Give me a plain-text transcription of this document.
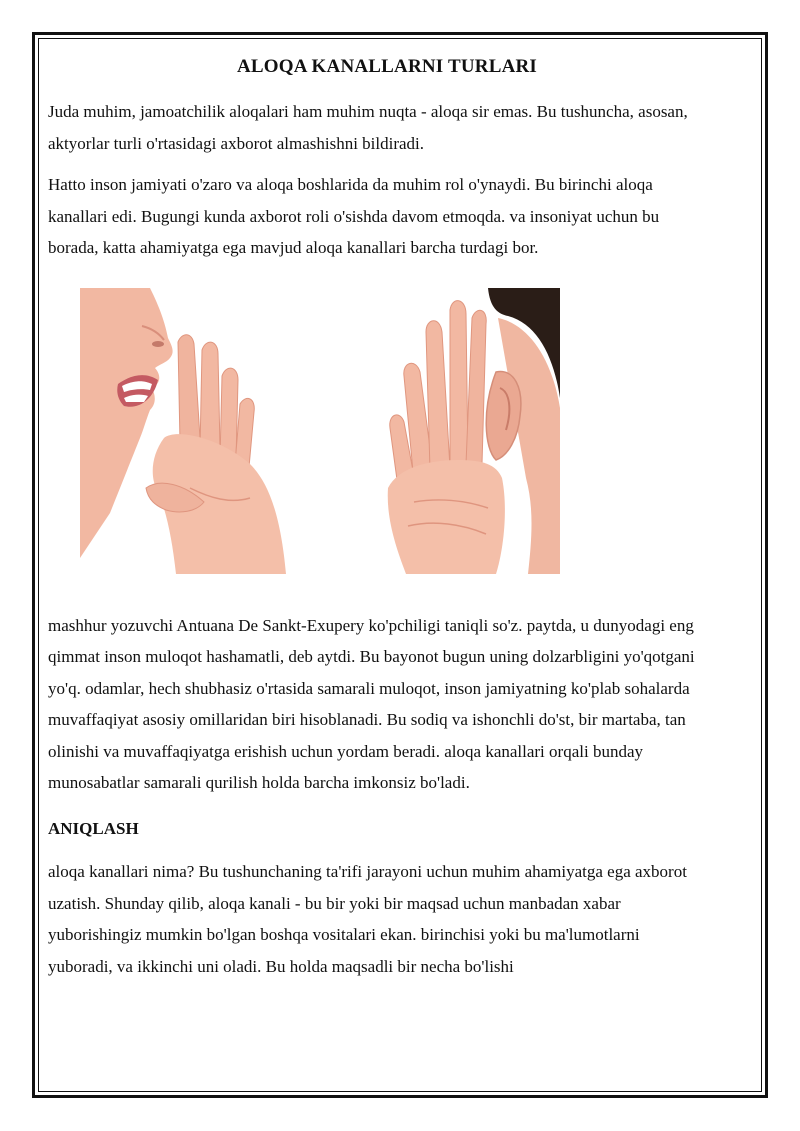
ALOQA KANALLARNI TURLARI

Juda muhim, jamoatchilik aloqalari ham muhim nuqta - aloqa sir emas. Bu tushuncha, asosan, aktyorlar turli o'rtasidagi axborot almashishni bildiradi.

Hatto inson jamiyati o'zaro va aloqa boshlarida da muhim rol o'ynaydi. Bu birinchi aloqa kanallari edi. Bugungi kunda axborot roli o'sishda davom etmoqda. va insoniyat uchun bu borada, katta ahamiyatga ega mavjud aloqa kanallari barcha turdagi bor.

mashhur yozuvchi Antuana De Sankt-Exupery ko'pchiligi taniqli so'z. paytda, u dunyodagi eng qimmat inson muloqot hashamatli, deb aytdi. Bu bayonot bugun uning dolzarbligini yo'qotgani yo'q. odamlar, hech shubhasiz o'rtasida samarali muloqot, inson jamiyatning ko'plab sohalarda muvaffaqiyat asosiy omillaridan biri hisoblanadi. Bu sodiq va ishonchli do'st, bir martaba, tan olinishi va muvaffaqiyatga erishish uchun yordam beradi. aloqa kanallari orqali bunday munosabatlar samarali qurilish holda barcha imkonsiz bo'ladi.

ANIQLASH

aloqa kanallari nima? Bu tushunchaning ta'rifi jarayoni uchun muhim ahamiyatga ega axborot uzatish. Shunday qilib, aloqa kanali - bu bir yoki bir maqsad uchun manbadan xabar yuborishingiz mumkin bo'lgan boshqa vositalari ekan. birinchisi yoki bu ma'lumotlarni yuboradi, va ikkinchi uni oladi. Bu holda maqsadli bir necha bo'lishi
